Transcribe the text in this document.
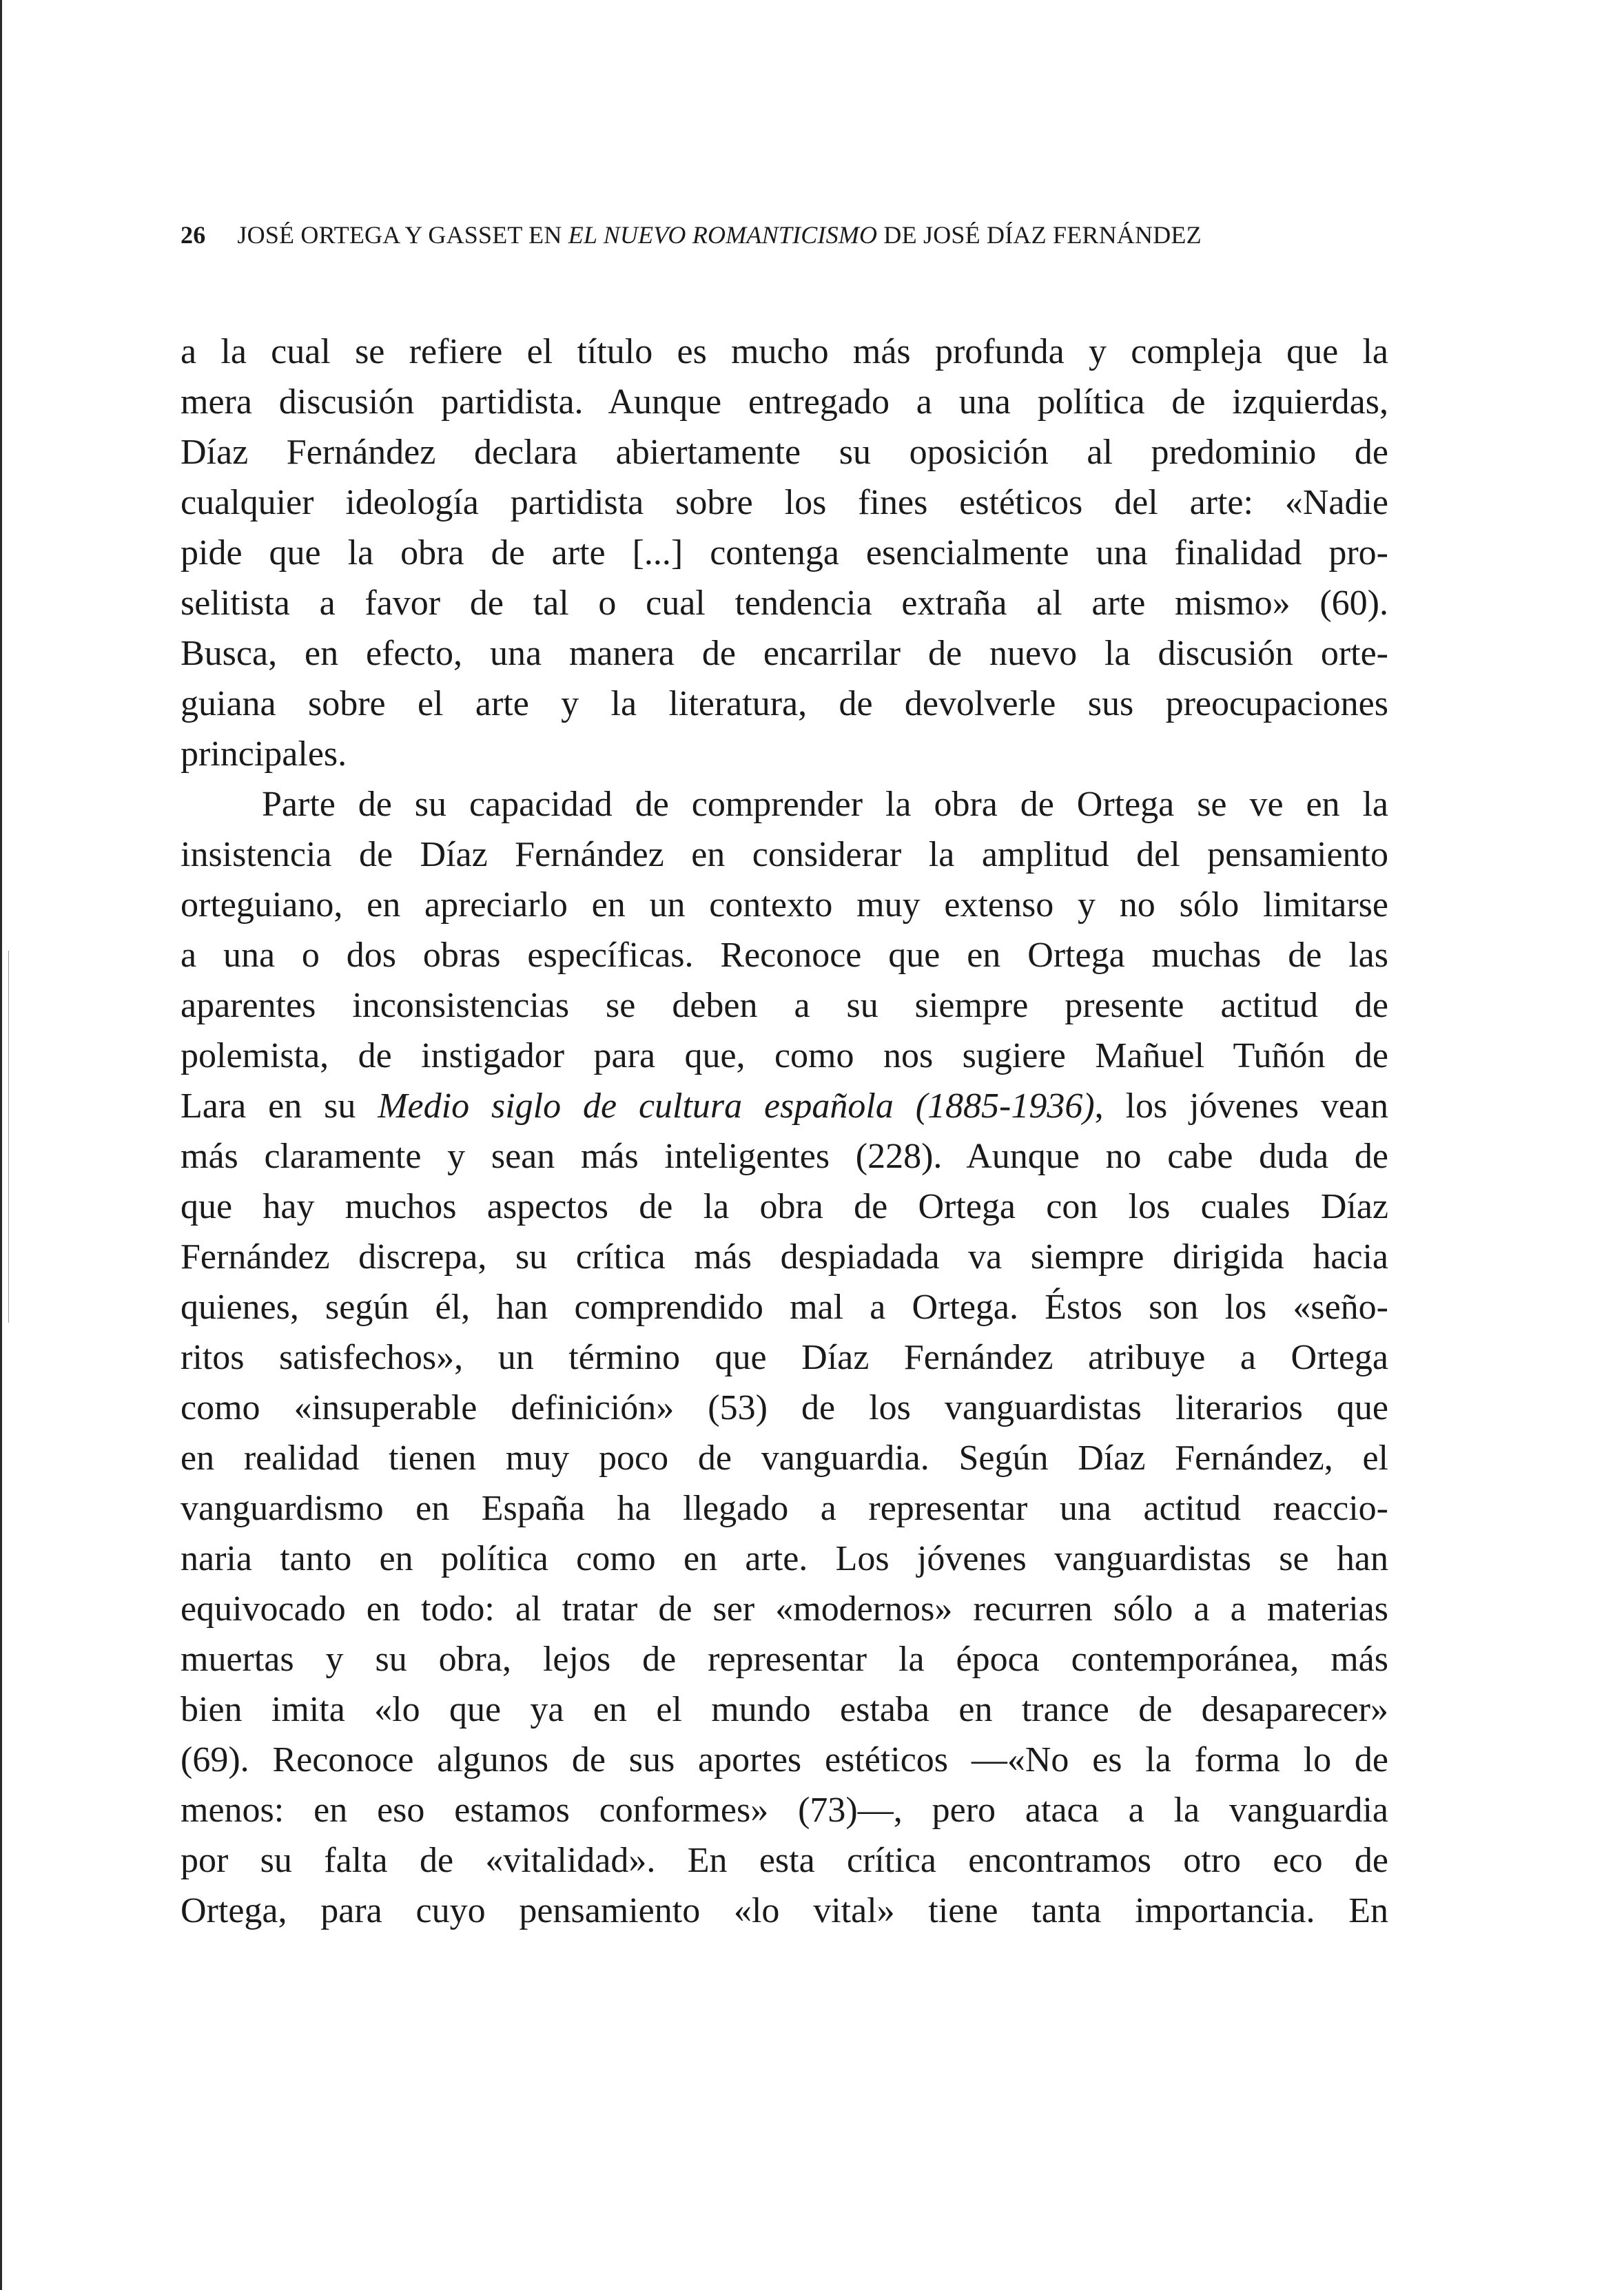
26 JOSÉ ORTEGA Y GASSET EN EL NUEVO ROMANTICISMO DE JOSÉ DÍAZ FERNÁNDEZ
a la cual se refiere el título es mucho más profunda y compleja que la
mera discusión partidista. Aunque entregado a una política de izquierdas,
Díaz Fernández declara abiertamente su oposición al predominio de
cualquier ideología partidista sobre los fines estéticos del arte: «Nadie
pide que la obra de arte [...] contenga esencialmente una finalidad pro-
selitista a favor de tal o cual tendencia extraña al arte mismo» (60).
Busca, en efecto, una manera de encarrilar de nuevo la discusión orte-
guiana sobre el arte y la literatura, de devolverle sus preocupaciones
principales.
Parte de su capacidad de comprender la obra de Ortega se ve en la
insistencia de Díaz Fernández en considerar la amplitud del pensamiento
orteguiano, en apreciarlo en un contexto muy extenso y no sólo limitarse
a una o dos obras específicas. Reconoce que en Ortega muchas de las
aparentes inconsistencias se deben a su siempre presente actitud de
polemista, de instigador para que, como nos sugiere Mañuel Tuñón de
Lara en su Medio siglo de cultura española (1885-1936), los jóvenes vean
más claramente y sean más inteligentes (228). Aunque no cabe duda de
que hay muchos aspectos de la obra de Ortega con los cuales Díaz
Fernández discrepa, su crítica más despiadada va siempre dirigida hacia
quienes, según él, han comprendido mal a Ortega. Éstos son los «seño-
ritos satisfechos», un término que Díaz Fernández atribuye a Ortega
como «insuperable definición» (53) de los vanguardistas literarios que
en realidad tienen muy poco de vanguardia. Según Díaz Fernández, el
vanguardismo en España ha llegado a representar una actitud reaccio-
naria tanto en política como en arte. Los jóvenes vanguardistas se han
equivocado en todo: al tratar de ser «modernos» recurren sólo a a materias
muertas y su obra, lejos de representar la época contemporánea, más
bien imita «lo que ya en el mundo estaba en trance de desaparecer»
(69). Reconoce algunos de sus aportes estéticos —«No es la forma lo de
menos: en eso estamos conformes» (73)—, pero ataca a la vanguardia
por su falta de «vitalidad». En esta crítica encontramos otro eco de
Ortega, para cuyo pensamiento «lo vital» tiene tanta importancia. En
